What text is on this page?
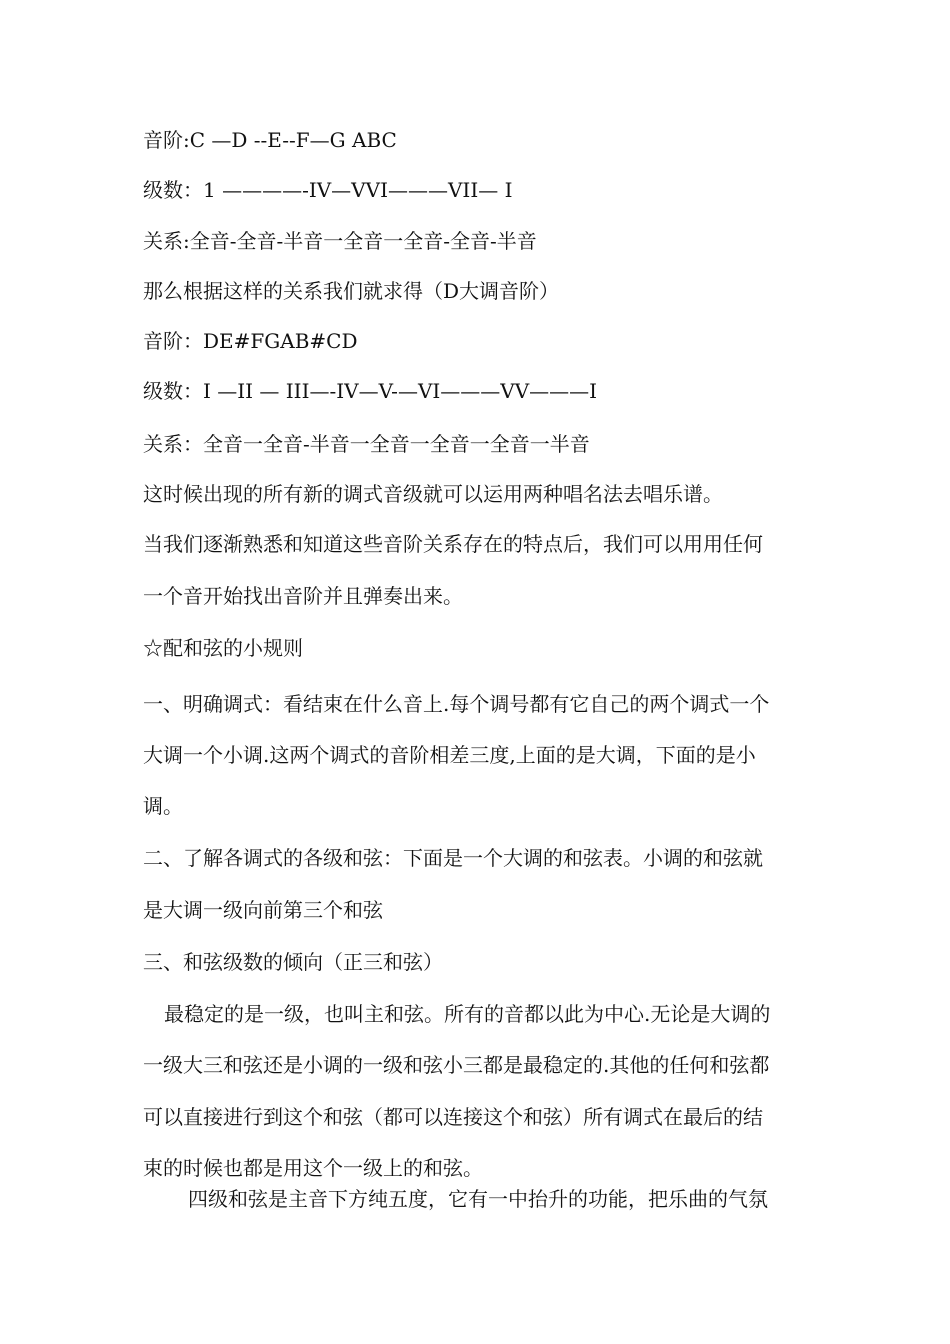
音阶:C —D --E--F—G ABC
级数：1 ————-IV—VVI———VII— I
关系:全音-全音-半音一全音一全音-全音-半音
那么根据这样的关系我们就求得（D大调音阶）
音阶：DE#FGAB#CD
级数：I —II — III—-IV—V-—VI———VV———I
关系：全音一全音-半音一全音一全音一全音一半音
这时候出现的所有新的调式音级就可以运用两种唱名法去唱乐谱。
当我们逐渐熟悉和知道这些音阶关系存在的特点后，我们可以用用任何
一个音开始找出音阶并且弹奏出来。
☆配和弦的小规则
一、明确调式：看结束在什么音上.每个调号都有它自己的两个调式一个
大调一个小调.这两个调式的音阶相差三度,上面的是大调，下面的是小
调。
二、了解各调式的各级和弦：下面是一个大调的和弦表。小调的和弦就
是大调一级向前第三个和弦
三、和弦级数的倾向（正三和弦）
最稳定的是一级，也叫主和弦。所有的音都以此为中心.无论是大调的
一级大三和弦还是小调的一级和弦小三都是最稳定的.其他的任何和弦都
可以直接进行到这个和弦（都可以连接这个和弦）所有调式在最后的结
束的时候也都是用这个一级上的和弦。
四级和弦是主音下方纯五度，它有一中抬升的功能，把乐曲的气氛
